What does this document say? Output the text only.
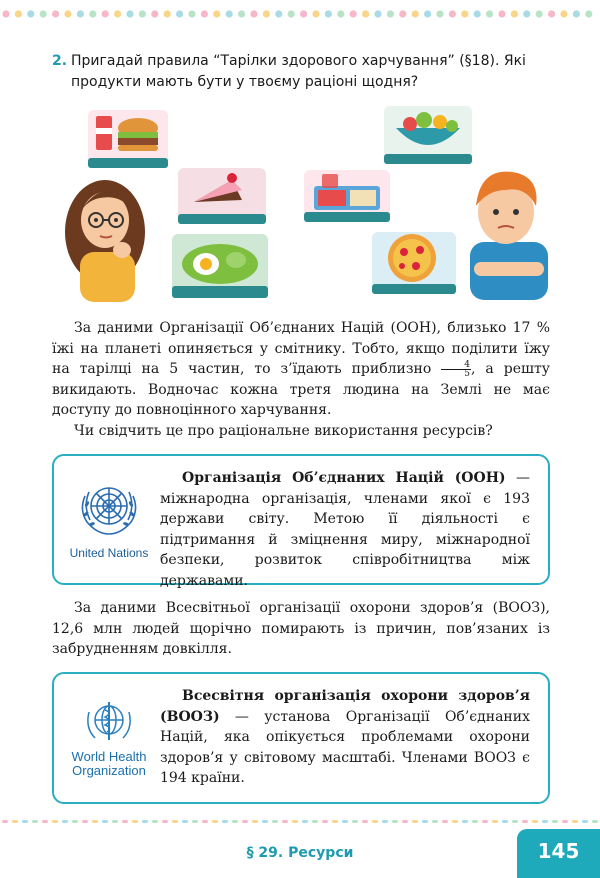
2. Пригадай правила “Тарілки здорового харчування” (§18). Які продукти мають бути у твоєму раціоні щодня?

За даними Організації Об’єднаних Націй (ООН), близько 17 % їжі на планеті опиняється у смітнику. Тобто, якщо поділити їжу на тарілці на 5 частин, то з’їдають приблизно $\frac{4}{5}$ , а решту викидають. Водночас кожна третя людина на Землі не має доступу до повноцінного харчування.

Чи свідчить це про раціональне використання ресурсів?

United Nations

Організація Об’єднаних Націй (ООН) — міжнародна організація, членами якої є 193 держави світу. Метою її діяльності є підтримання й зміцнення миру, міжнародної безпеки, розвиток співробітництва між державами.

За даними Всесвітньої організації охорони здоров’я (ВООЗ), 12,6 млн людей щорічно помирають із причин, пов’язаних із забрудненням довкілля.

World Health
Organization

Всесвітня організація охорони здоров’я (ВООЗ) — установа Організації Об’єднаних Націй, яка опікується проблемами охорони здоров’я у світовому масштабі. Членами ВООЗ є 194 країни.

§ 29. Ресурси	145
